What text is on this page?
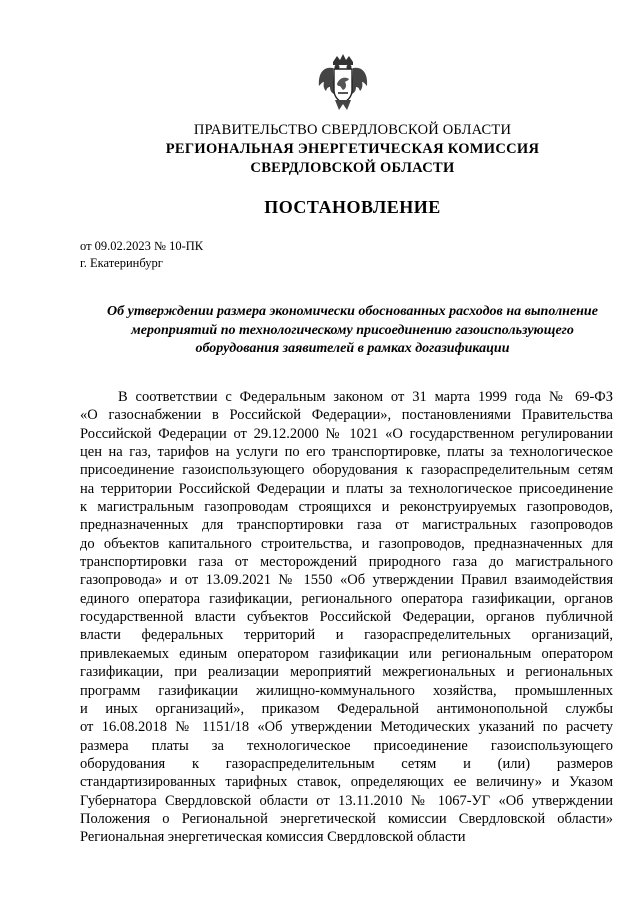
ПРАВИТЕЛЬСТВО СВЕРДЛОВСКОЙ ОБЛАСТИ
РЕГИОНАЛЬНАЯ ЭНЕРГЕТИЧЕСКАЯ КОМИССИЯ
СВЕРДЛОВСКОЙ ОБЛАСТИ
ПОСТАНОВЛЕНИЕ
от 09.02.2023 № 10-ПК
г. Екатеринбург
Об утверждении размера экономически обоснованных расходов на выполнение
мероприятий по технологическому присоединению газоиспользующего
оборудования заявителей в рамках догазификации
В соответствии с Федеральным законом от 31 марта 1999 года № 69-ФЗ
«О газоснабжении в Российской Федерации», постановлениями Правительства
Российской Федерации от 29.12.2000 № 1021 «О государственном регулировании
цен на газ, тарифов на услуги по его транспортировке, платы за технологическое
присоединение газоиспользующего оборудования к газораспределительным сетям
на территории Российской Федерации и платы за технологическое присоединение
к магистральным газопроводам строящихся и реконструируемых газопроводов,
предназначенных для транспортировки газа от магистральных газопроводов
до объектов капитального строительства, и газопроводов, предназначенных для
транспортировки газа от месторождений природного газа до магистрального
газопровода» и от 13.09.2021 № 1550 «Об утверждении Правил взаимодействия
единого оператора газификации, регионального оператора газификации, органов
государственной власти субъектов Российской Федерации, органов публичной
власти федеральных территорий и газораспределительных организаций,
привлекаемых единым оператором газификации или региональным оператором
газификации, при реализации мероприятий межрегиональных и региональных
программ газификации жилищно-коммунального хозяйства, промышленных
и иных организаций», приказом Федеральной антимонопольной службы
от 16.08.2018 № 1151/18 «Об утверждении Методических указаний по расчету
размера платы за технологическое присоединение газоиспользующего
оборудования к газораспределительным сетям и (или) размеров
стандартизированных тарифных ставок, определяющих ее величину» и Указом
Губернатора Свердловской области от 13.11.2010 № 1067-УГ «Об утверждении
Положения о Региональной энергетической комиссии Свердловской области»
Региональная энергетическая комиссия Свердловской области
